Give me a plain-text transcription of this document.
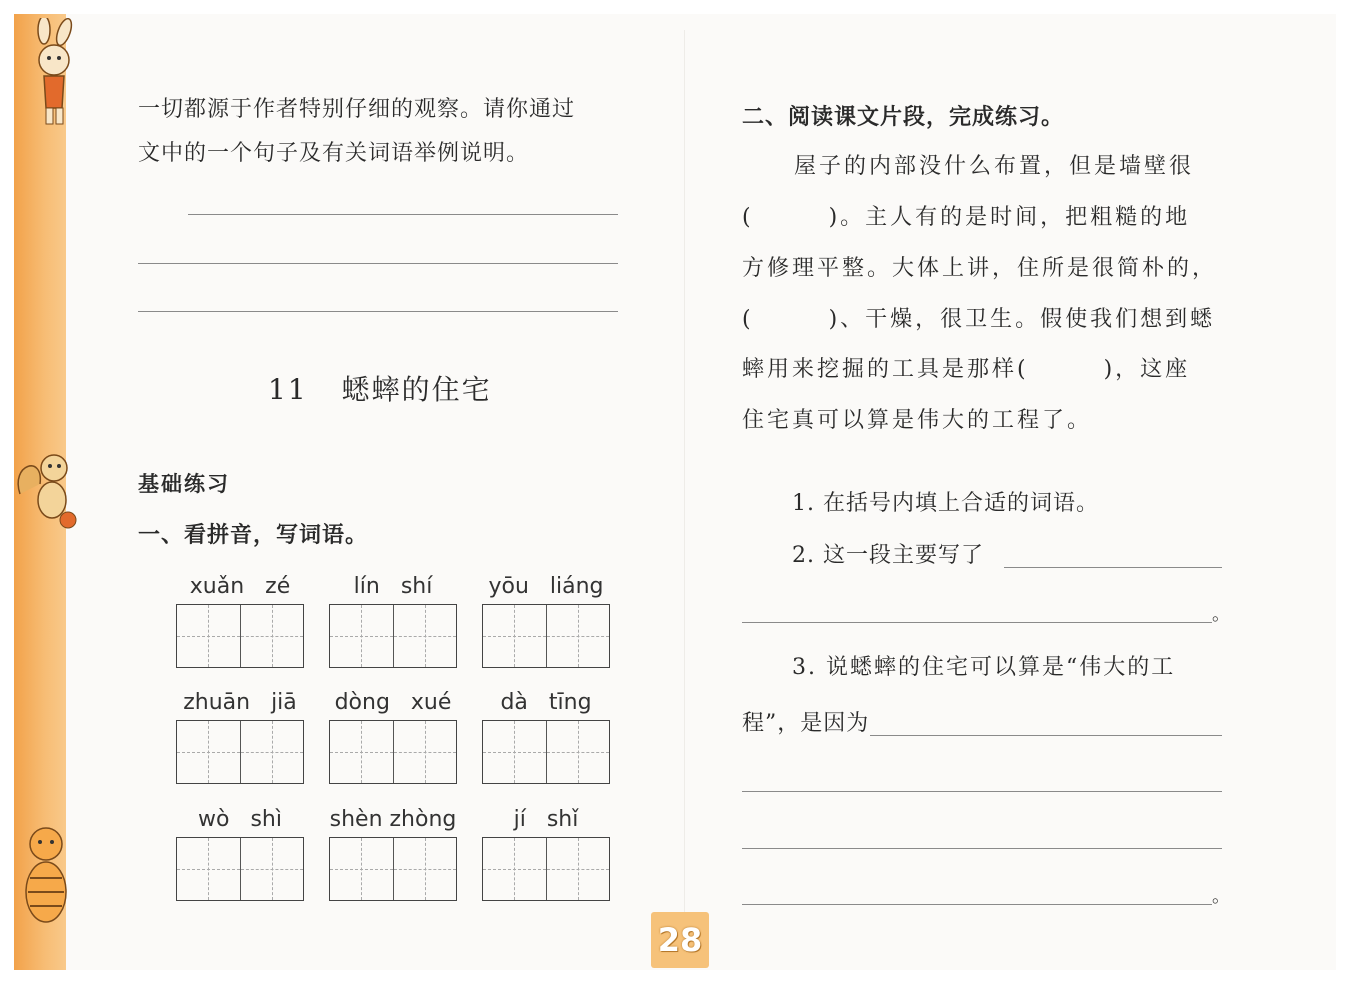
一切都源于作者特别仔细的观察。请你通过
文中的一个句子及有关词语举例说明。
11 蟋蟀的住宅
基础练习
一、看拼音，写词语。
xuǎn zé	lín shí	yōu liáng
zhuān jiā	dòng xué	dà tīng
wò shì	shèn zhòng	jí shǐ
二、阅读课文片段，完成练习。
屋子的内部没什么布置，但是墙壁很
(　　　)。主人有的是时间，把粗糙的地
方修理平整。大体上讲，住所是很简朴的，
(　　　)、干燥，很卫生。假使我们想到蟋
蟀用来挖掘的工具是那样(　　　)，这座
住宅真可以算是伟大的工程了。
1. 在括号内填上合适的词语。
2. 这一段主要写了
。
3. 说蟋蟀的住宅可以算是“伟大的工
程”，是因为
。
28
